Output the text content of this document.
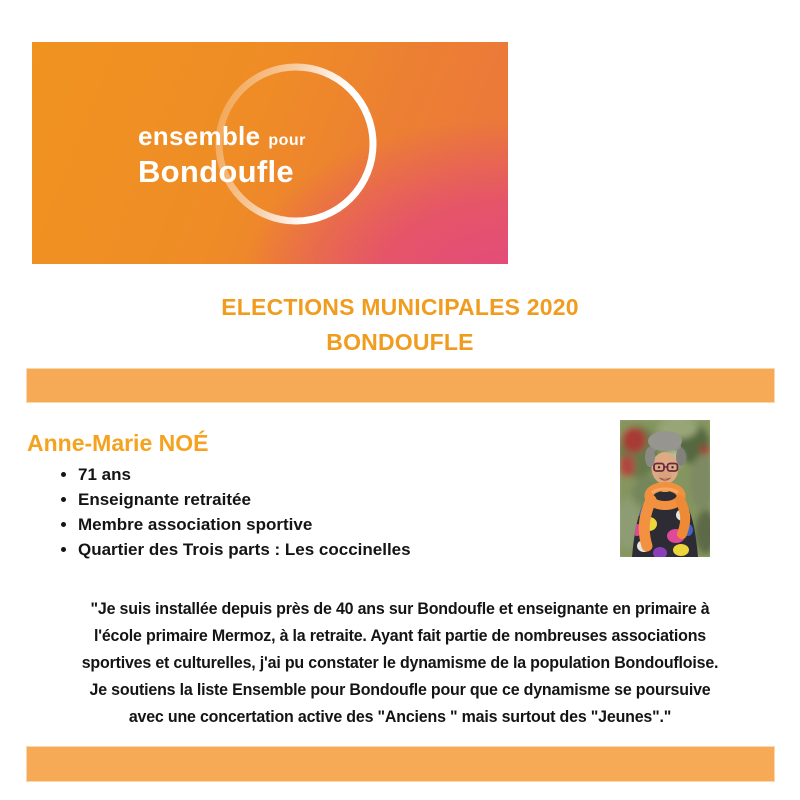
ensemble pour
Bondoufle
ELECTIONS MUNICIPALES 2020
BONDOUFLE
Anne-Marie NOÉ
• 71 ans
• Enseignante retraitée
• Membre association sportive
• Quartier des Trois parts : Les coccinelles
"Je suis installée depuis près de 40 ans sur Bondoufle et enseignante en primaire à
l'école primaire Mermoz, à la retraite. Ayant fait partie de nombreuses associations
sportives et culturelles, j'ai pu constater le dynamisme de la population Bondoufloise.
Je soutiens la liste Ensemble pour Bondoufle pour que ce dynamisme se poursuive
avec une concertation active des "Anciens " mais surtout des "Jeunes"."
